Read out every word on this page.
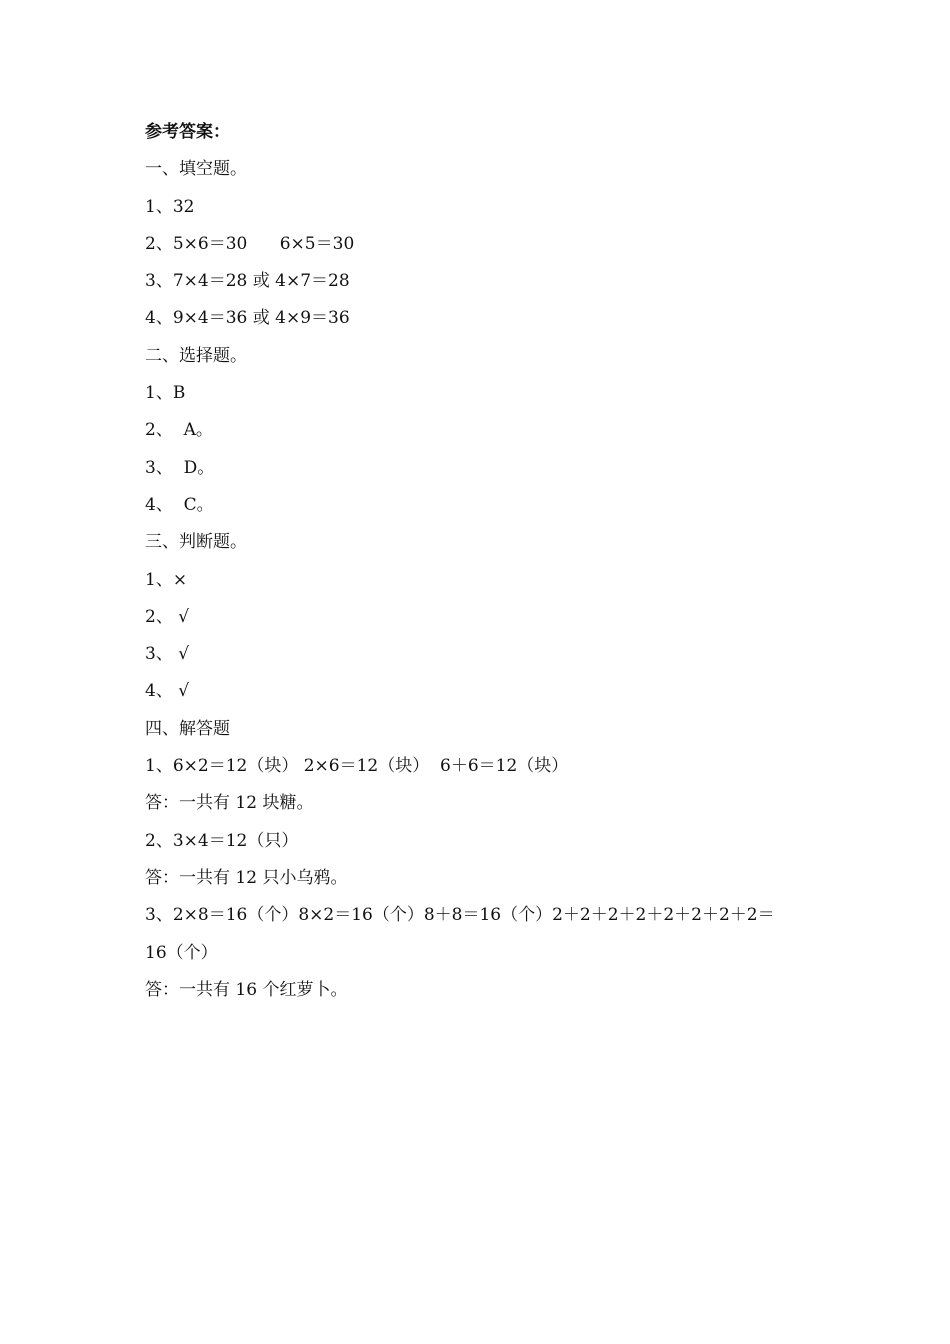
参考答案：
一、填空题。
1、32
2、5×6＝30      6×5＝30
3、7×4＝28 或 4×7＝28
4、9×4＝36 或 4×9＝36
二、选择题。
1、B
2、  A。
3、  D。
4、  C。
三、判断题。
1、×
2、 √
3、 √
4、 √
四、解答题
1、6×2＝12（块） 2×6＝12（块）  6＋6＝12（块）
答：一共有 12 块糖。
2、3×4＝12（只）
答：一共有 12 只小乌鸦。
3、2×8＝16（个）8×2＝16（个）8＋8＝16（个）2＋2＋2＋2＋2＋2＋2＋2＝
16（个）
答：一共有 16 个红萝卜。
